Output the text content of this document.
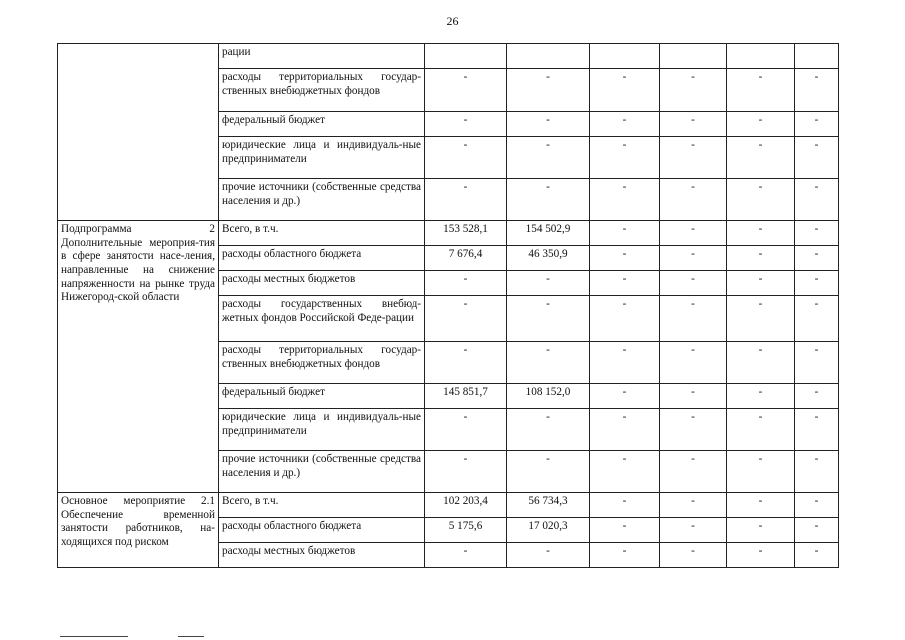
26
	рации						
	расходы территориальных государ-ственных внебюджетных фондов	-	-	-	-	-	-
	федеральный бюджет	-	-	-	-	-	-
	юридические лица и индивидуаль-ные предприниматели	-	-	-	-	-	-
	прочие источники (собственные средства населения и др.)	-	-	-	-	-	-
Подпрограмма 2 Дополнительные мероприя-тия в сфере занятости насе-ления, направленные на снижение напряженности на рынке труда Нижегород-ской области	Всего, в т.ч.	153 528,1	154 502,9	-	-	-	-
	расходы областного бюджета	7 676,4	46 350,9	-	-	-	-
	расходы местных бюджетов	-	-	-	-	-	-
	расходы государственных внебюд-жетных фондов Российской Феде-рации	-	-	-	-	-	-
	расходы территориальных государ-ственных внебюджетных фондов	-	-	-	-	-	-
	федеральный бюджет	145 851,7	108 152,0	-	-	-	-
	юридические лица и индивидуаль-ные предприниматели	-	-	-	-	-	-
	прочие источники (собственные средства населения и др.)	-	-	-	-	-	-
Основное мероприятие 2.1 Обеспечение временной занятости работников, на-ходящихся под риском	Всего, в т.ч.	102 203,4	56 734,3	-	-	-	-
	расходы областного бюджета	5 175,6	17 020,3	-	-	-	-
	расходы местных бюджетов	-	-	-	-	-	-
